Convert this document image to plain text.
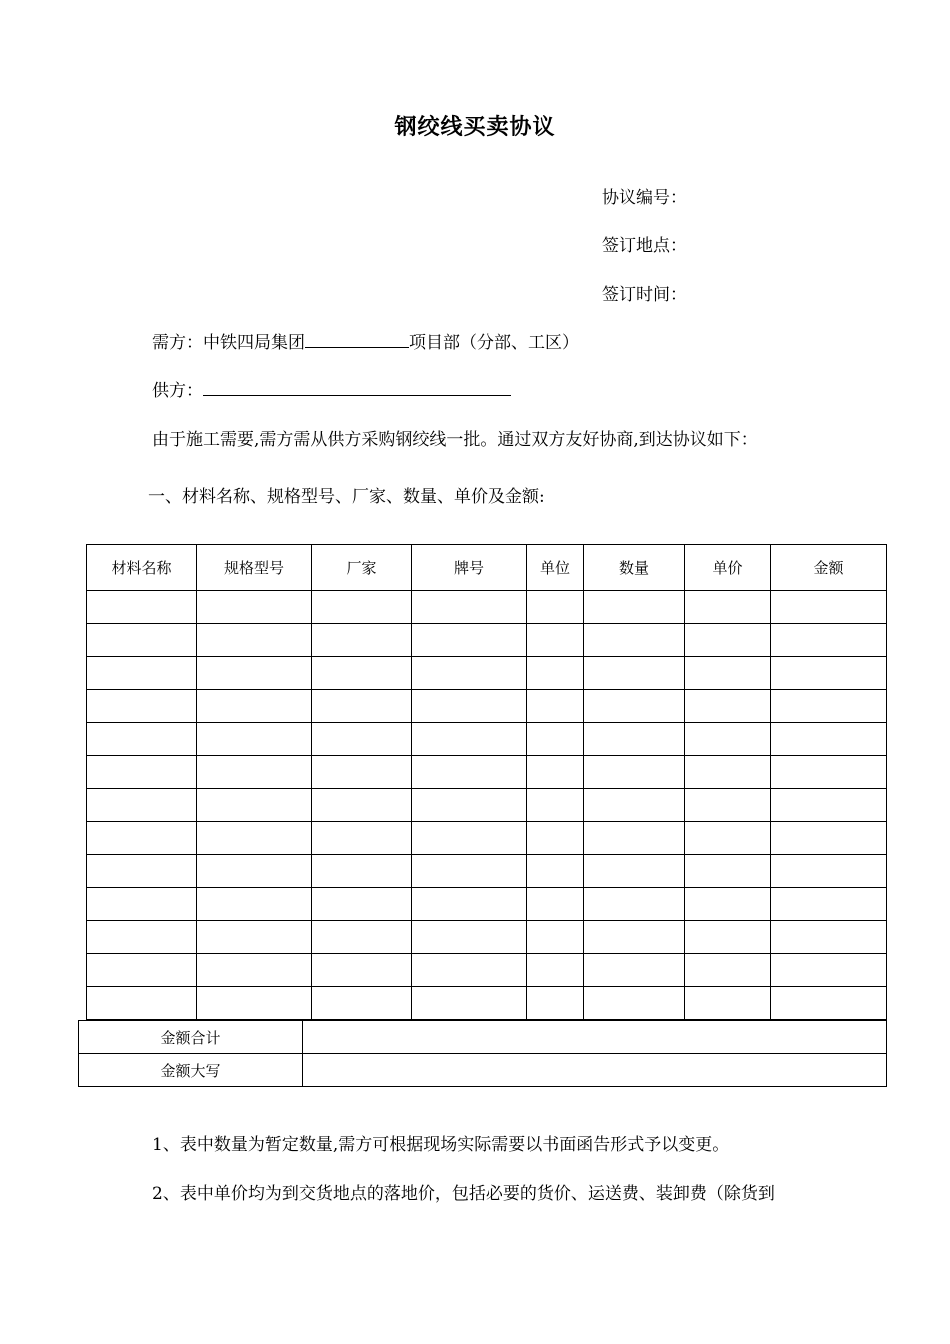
钢绞线买卖协议
协议编号：
签订地点：
签订时间：
需方：中铁四局集团	项目部（分部、工区）
供方：
由于施工需要,需方需从供方采购钢绞线一批。通过双方友好协商,到达协议如下：
一、材料名称、规格型号、厂家、数量、单价及金额:
材料名称	规格型号	厂家	牌号	单位	数量	单价	金额

金额合计	
金额大写	
1、表中数量为暂定数量,需方可根据现场实际需要以书面函告形式予以变更。
2、表中单价均为到交货地点的落地价，包括必要的货价、运送费、装卸费（除货到
